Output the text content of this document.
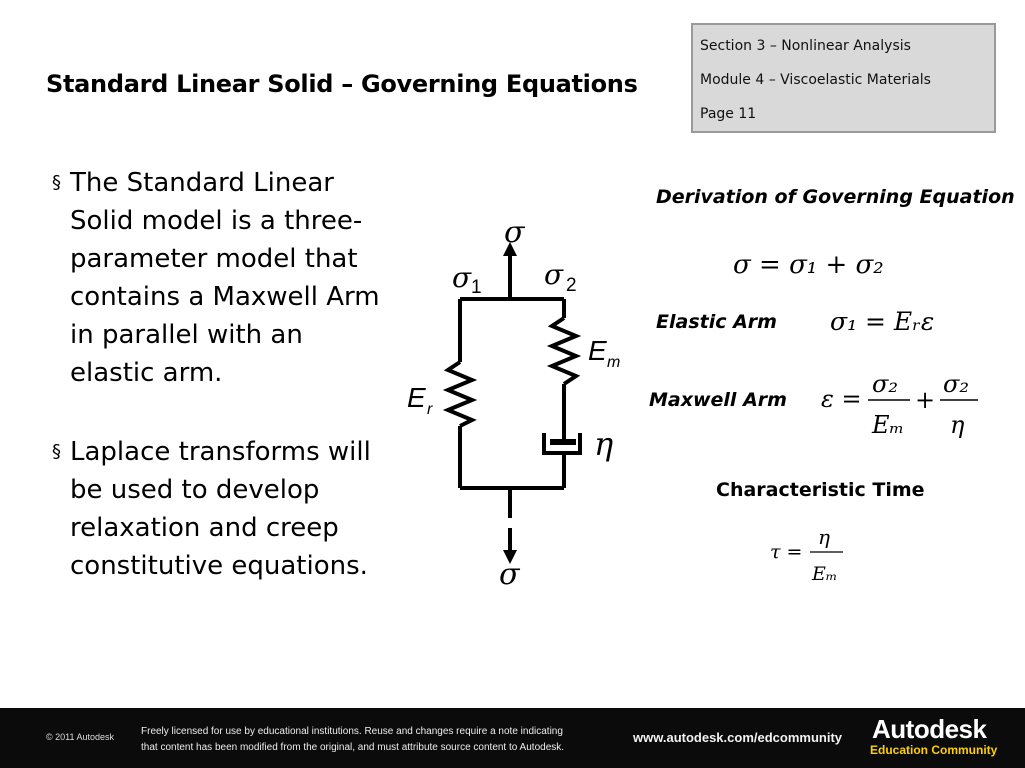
Standard Linear Solid – Governing Equations
Section 3 – Nonlinear Analysis
Module 4 – Viscoelastic Materials
Page 11
§ The Standard Linear
Solid model is a three-
parameter model that
contains a Maxwell Arm
in parallel with an
elastic arm.
§ Laplace transforms will
be used to develop
relaxation and creep
constitutive equations.
σ
σ
σ 1 σ 2
E m
E r
η
σ = σ₁ + σ₂
σ₁ = Eᵣε
ε =
σ₂
Eₘ
+
σ₂
η
τ =
η
Eₘ
Derivation of Governing Equation
Elastic Arm
Maxwell Arm
Characteristic Time
© 2011 Autodesk	Freely licensed for use by educational institutions. Reuse and changes require a note indicating
that content has been modified from the original, and must attribute source content to Autodesk.
www.autodesk.com/edcommunity Autodesk
Education Community
